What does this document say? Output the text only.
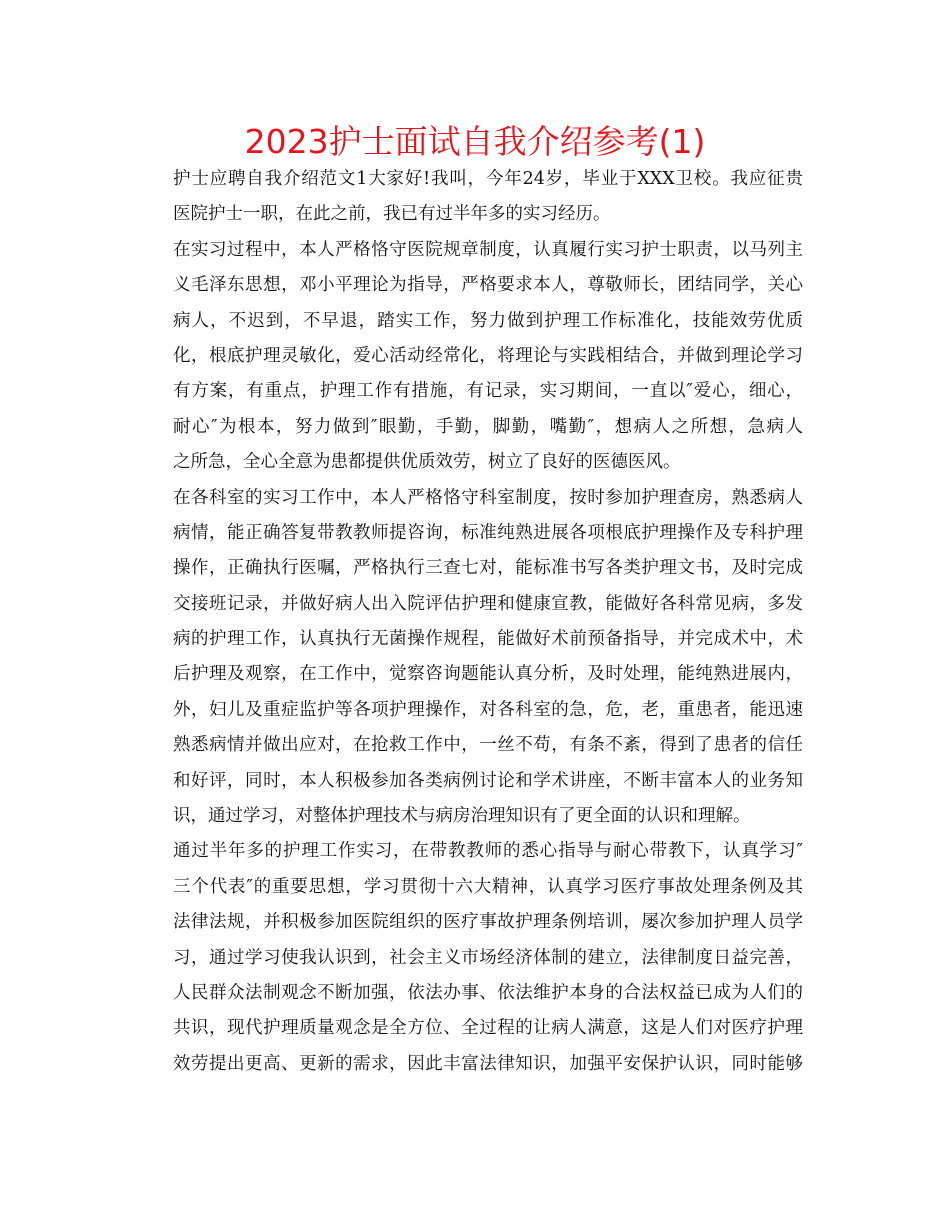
2023护士面试自我介绍参考(1)
护士应聘自我介绍范文1大家好!我叫，今年24岁，毕业于XXX卫校。我应征贵
医院护士一职，在此之前，我已有过半年多的实习经历。
在实习过程中，本人严格恪守医院规章制度，认真履行实习护士职责，以马列主
义毛泽东思想，邓小平理论为指导，严格要求本人，尊敬师长，团结同学，关心
病人，不迟到，不早退，踏实工作，努力做到护理工作标准化，技能效劳优质
化，根底护理灵敏化，爱心活动经常化，将理论与实践相结合，并做到理论学习
有方案，有重点，护理工作有措施，有记录，实习期间，一直以″爱心，细心，
耐心″为根本，努力做到″眼勤，手勤，脚勤，嘴勤″，想病人之所想，急病人
之所急，全心全意为患都提供优质效劳，树立了良好的医德医风。
在各科室的实习工作中，本人严格恪守科室制度，按时参加护理查房，熟悉病人
病情，能正确答复带教教师提咨询，标准纯熟进展各项根底护理操作及专科护理
操作，正确执行医嘱，严格执行三查七对，能标准书写各类护理文书，及时完成
交接班记录，并做好病人出入院评估护理和健康宣教，能做好各科常见病，多发
病的护理工作，认真执行无菌操作规程，能做好术前预备指导，并完成术中，术
后护理及观察，在工作中，觉察咨询题能认真分析，及时处理，能纯熟进展内，
外，妇儿及重症监护等各项护理操作，对各科室的急，危，老，重患者，能迅速
熟悉病情并做出应对，在抢救工作中，一丝不苟，有条不紊，得到了患者的信任
和好评，同时，本人积极参加各类病例讨论和学术讲座，不断丰富本人的业务知
识，通过学习，对整体护理技术与病房治理知识有了更全面的认识和理解。
通过半年多的护理工作实习，在带教教师的悉心指导与耐心带教下，认真学习″
三个代表″的重要思想，学习贯彻十六大精神，认真学习医疗事故处理条例及其
法律法规，并积极参加医院组织的医疗事故护理条例培训，屡次参加护理人员学
习，通过学习使我认识到，社会主义市场经济体制的建立，法律制度日益完善，
人民群众法制观念不断加强，依法办事、依法维护本身的合法权益已成为人们的
共识，现代护理质量观念是全方位、全过程的让病人满意，这是人们对医疗护理
效劳提出更高、更新的需求，因此丰富法律知识，加强平安保护认识，同时能够
